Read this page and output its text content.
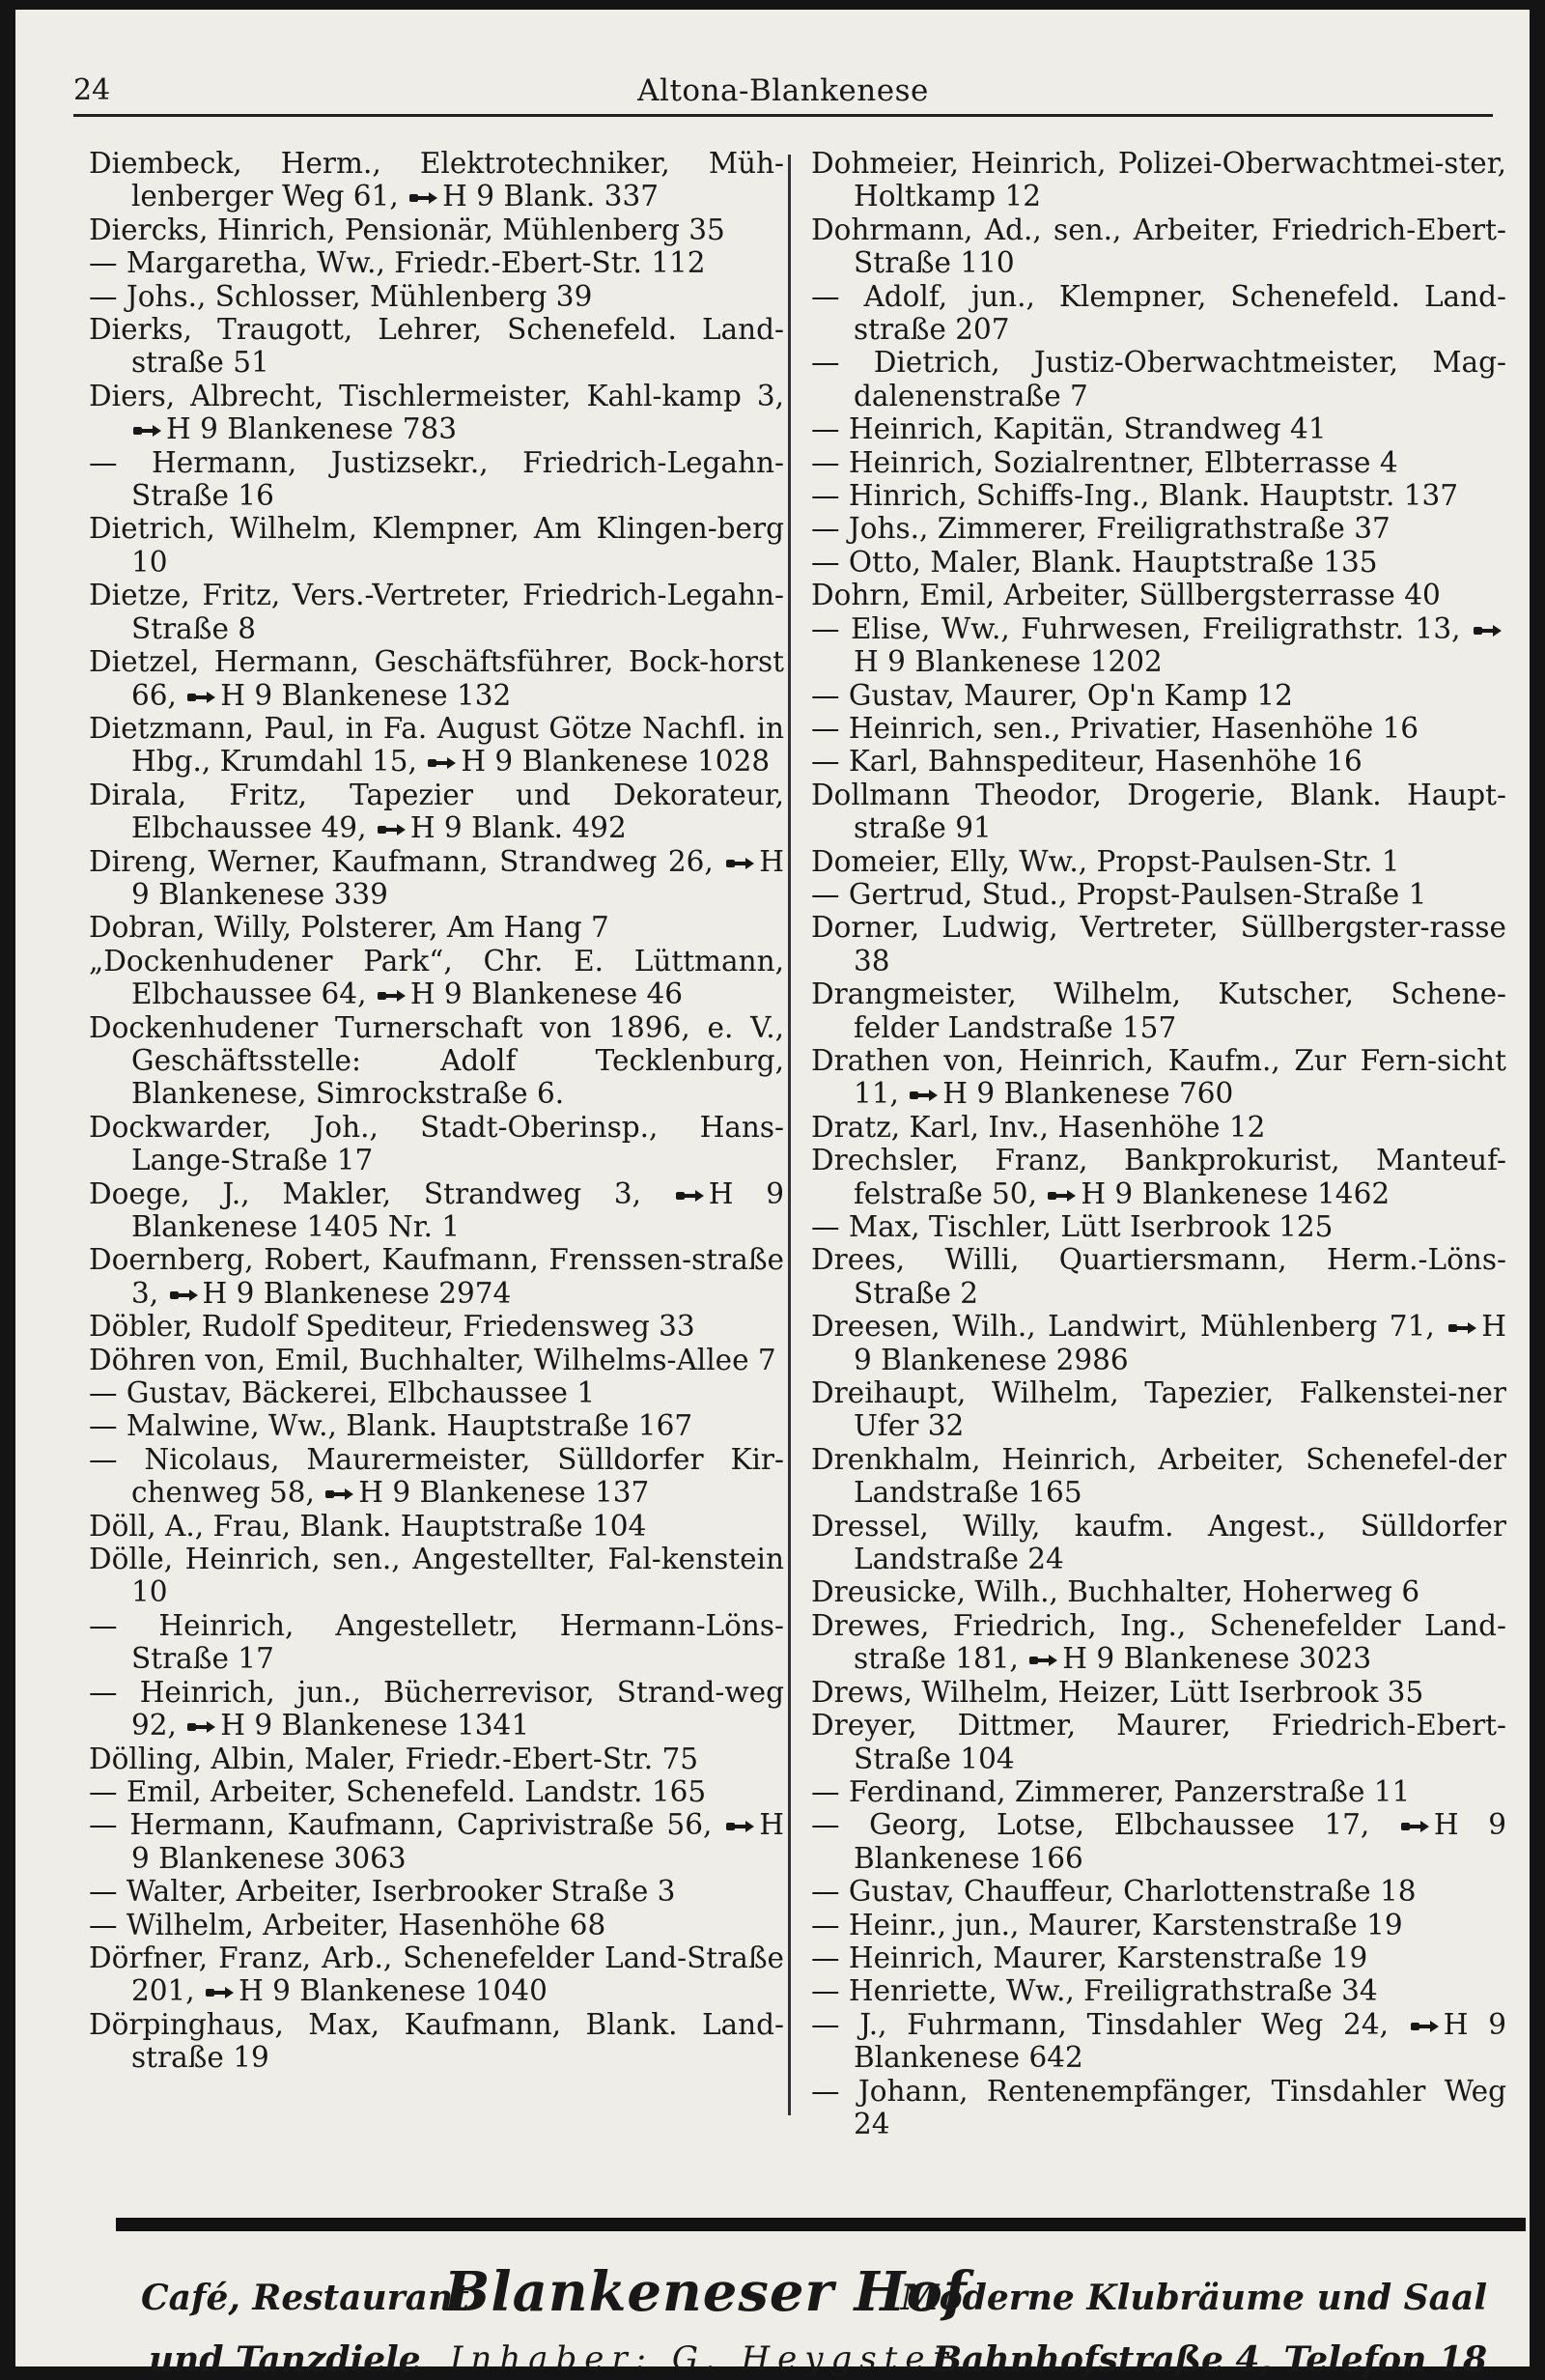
24	Altona-Blankenese
Diembeck, Herm., Elektrotechniker, Müh-lenberger Weg 61,
H 9 Blank. 337
Diercks, Hinrich, Pensionär, Mühlenberg 35
— Margaretha, Ww., Friedr.-Ebert-Str. 112
— Johs., Schlosser, Mühlenberg 39
Dierks, Traugott, Lehrer, Schenefeld. Land-straße 51
Diers, Albrecht, Tischlermeister, Kahl-kamp 3,
H 9 Blankenese 783
— Hermann, Justizsekr., Friedrich-Legahn-Straße 16
Dietrich, Wilhelm, Klempner, Am Klingen-berg 10
Dietze, Fritz, Vers.-Vertreter, Friedrich-Legahn-Straße 8
Dietzel, Hermann, Geschäftsführer, Bock-horst 66,
H 9 Blankenese 132
Dietzmann, Paul, in Fa. August Götze Nachfl. in Hbg., Krumdahl 15,
H 9 Blankenese 1028
Dirala, Fritz, Tapezier und Dekorateur, Elbchaussee 49,
H 9 Blank. 492
Direng, Werner, Kaufmann, Strandweg 26,
H 9 Blankenese 339
Dobran, Willy, Polsterer, Am Hang 7
„Dockenhudener Park“, Chr. E. Lüttmann, Elbchaussee 64,
H 9 Blankenese 46
Dockenhudener Turnerschaft von 1896, e. V., Geschäftsstelle: Adolf Tecklenburg, Blankenese, Simrockstraße 6.
Dockwarder, Joh., Stadt-Oberinsp., Hans-Lange-Straße 17
Doege, J., Makler, Strandweg 3,
H 9 Blankenese 1405 Nr. 1
Doernberg, Robert, Kaufmann, Frenssen-straße 3,
H 9 Blankenese 2974
Döbler, Rudolf Spediteur, Friedensweg 33
Döhren von, Emil, Buchhalter, Wilhelms-Allee 7
— Gustav, Bäckerei, Elbchaussee 1
— Malwine, Ww., Blank. Hauptstraße 167
— Nicolaus, Maurermeister, Sülldorfer Kir-chenweg 58,
H 9 Blankenese 137
Döll, A., Frau, Blank. Hauptstraße 104
Dölle, Heinrich, sen., Angestellter, Fal-kenstein 10
— Heinrich, Angestelletr, Hermann-Löns-Straße 17
— Heinrich, jun., Bücherrevisor, Strand-weg 92,
H 9 Blankenese 1341
Dölling, Albin, Maler, Friedr.-Ebert-Str. 75
— Emil, Arbeiter, Schenefeld. Landstr. 165
— Hermann, Kaufmann, Caprivistraße 56,
H 9 Blankenese 3063
— Walter, Arbeiter, Iserbrooker Straße 3
— Wilhelm, Arbeiter, Hasenhöhe 68
Dörfner, Franz, Arb., Schenefelder Land-Straße 201,
H 9 Blankenese 1040
Dörpinghaus, Max, Kaufmann, Blank. Land-straße 19
Dohmeier, Heinrich, Polizei-Oberwachtmei-ster, Holtkamp 12
Dohrmann, Ad., sen., Arbeiter, Friedrich-Ebert-Straße 110
— Adolf, jun., Klempner, Schenefeld. Land-straße 207
— Dietrich, Justiz-Oberwachtmeister, Mag-dalenenstraße 7
— Heinrich, Kapitän, Strandweg 41
— Heinrich, Sozialrentner, Elbterrasse 4
— Hinrich, Schiffs-Ing., Blank. Hauptstr. 137
— Johs., Zimmerer, Freiligrathstraße 37
— Otto, Maler, Blank. Hauptstraße 135
Dohrn, Emil, Arbeiter, Süllbergsterrasse 40
— Elise, Ww., Fuhrwesen, Freiligrathstr. 13,
H 9 Blankenese 1202
— Gustav, Maurer, Op'n Kamp 12
— Heinrich, sen., Privatier, Hasenhöhe 16
— Karl, Bahnspediteur, Hasenhöhe 16
Dollmann Theodor, Drogerie, Blank. Haupt-straße 91
Domeier, Elly, Ww., Propst-Paulsen-Str. 1
— Gertrud, Stud., Propst-Paulsen-Straße 1
Dorner, Ludwig, Vertreter, Süllbergster-rasse 38
Drangmeister, Wilhelm, Kutscher, Schene-felder Landstraße 157
Drathen von, Heinrich, Kaufm., Zur Fern-sicht 11,
H 9 Blankenese 760
Dratz, Karl, Inv., Hasenhöhe 12
Drechsler, Franz, Bankprokurist, Manteuf-felstraße 50,
H 9 Blankenese 1462
— Max, Tischler, Lütt Iserbrook 125
Drees, Willi, Quartiersmann, Herm.-Löns-Straße 2
Dreesen, Wilh., Landwirt, Mühlenberg 71,
H 9 Blankenese 2986
Dreihaupt, Wilhelm, Tapezier, Falkenstei-ner Ufer 32
Drenkhalm, Heinrich, Arbeiter, Schenefel-der Landstraße 165
Dressel, Willy, kaufm. Angest., Sülldorfer Landstraße 24
Dreusicke, Wilh., Buchhalter, Hoherweg 6
Drewes, Friedrich, Ing., Schenefelder Land-straße 181,
H 9 Blankenese 3023
Drews, Wilhelm, Heizer, Lütt Iserbrook 35
Dreyer, Dittmer, Maurer, Friedrich-Ebert-Straße 104
— Ferdinand, Zimmerer, Panzerstraße 11
— Georg, Lotse, Elbchaussee 17,
H 9 Blankenese 166
— Gustav, Chauffeur, Charlottenstraße 18
— Heinr., jun., Maurer, Karstenstraße 19
— Heinrich, Maurer, Karstenstraße 19
— Henriette, Ww., Freiligrathstraße 34
— J., Fuhrmann, Tinsdahler Weg 24,
H 9 Blankenese 642
— Johann, Rentenempfänger, Tinsdahler Weg 24
Café, Restaurant
und Tanzdiele
Blankeneser Hof
Inhaber: G. Heygster
Moderne Klubräume und Saal
Bahnhofstraße 4, Telefon 18
